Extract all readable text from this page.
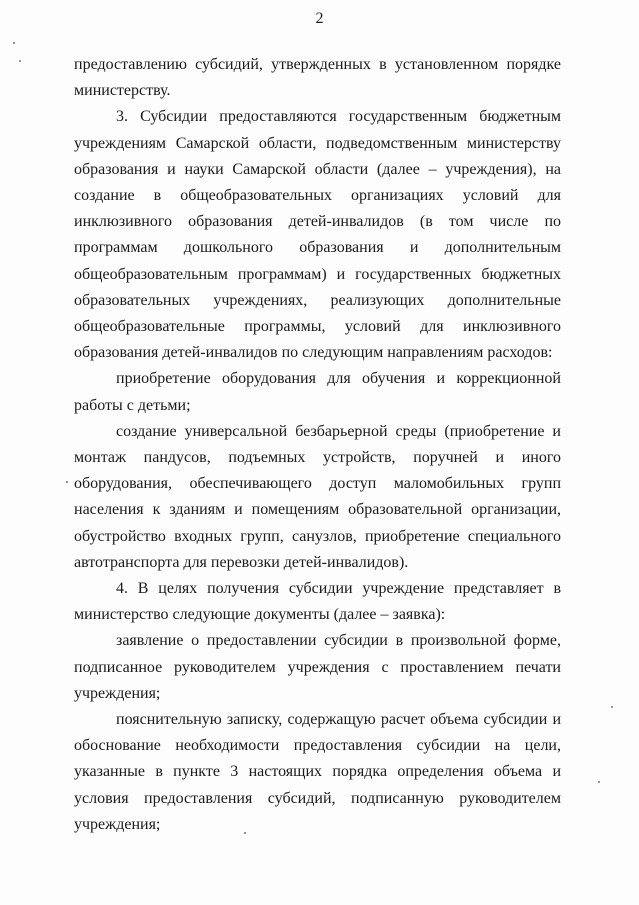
2

предоставлению субсидий, утвержденных в установленном порядке министерству.

3. Субсидии предоставляются государственным бюджетным учреждениям Самарской области, подведомственным министерству образования и науки Самарской области (далее – учреждения), на создание в общеобразовательных организациях условий для инклюзивного образования детей-инвалидов (в том числе по программам дошкольного образования и дополнительным общеобразовательным программам) и государственных бюджетных образовательных учреждениях, реализующих дополнительные общеобразовательные программы, условий для инклюзивного образования детей-инвалидов по следующим направлениям расходов:

приобретение оборудования для обучения и коррекционной работы с детьми;

создание универсальной безбарьерной среды (приобретение и монтаж пандусов, подъемных устройств, поручней и иного оборудования, обеспечивающего доступ маломобильных групп населения к зданиям и помещениям образовательной организации, обустройство входных групп, санузлов, приобретение специального автотранспорта для перевозки детей-инвалидов).

4. В целях получения субсидии учреждение представляет в министерство следующие документы (далее – заявка):

заявление о предоставлении субсидии в произвольной форме, подписанное руководителем учреждения с проставлением печати учреждения;

пояснительную записку, содержащую расчет объема субсидии и обоснование необходимости предоставления субсидии на цели, указанные в пункте 3 настоящих порядка определения объема и условия предоставления субсидий, подписанную руководителем учреждения;
